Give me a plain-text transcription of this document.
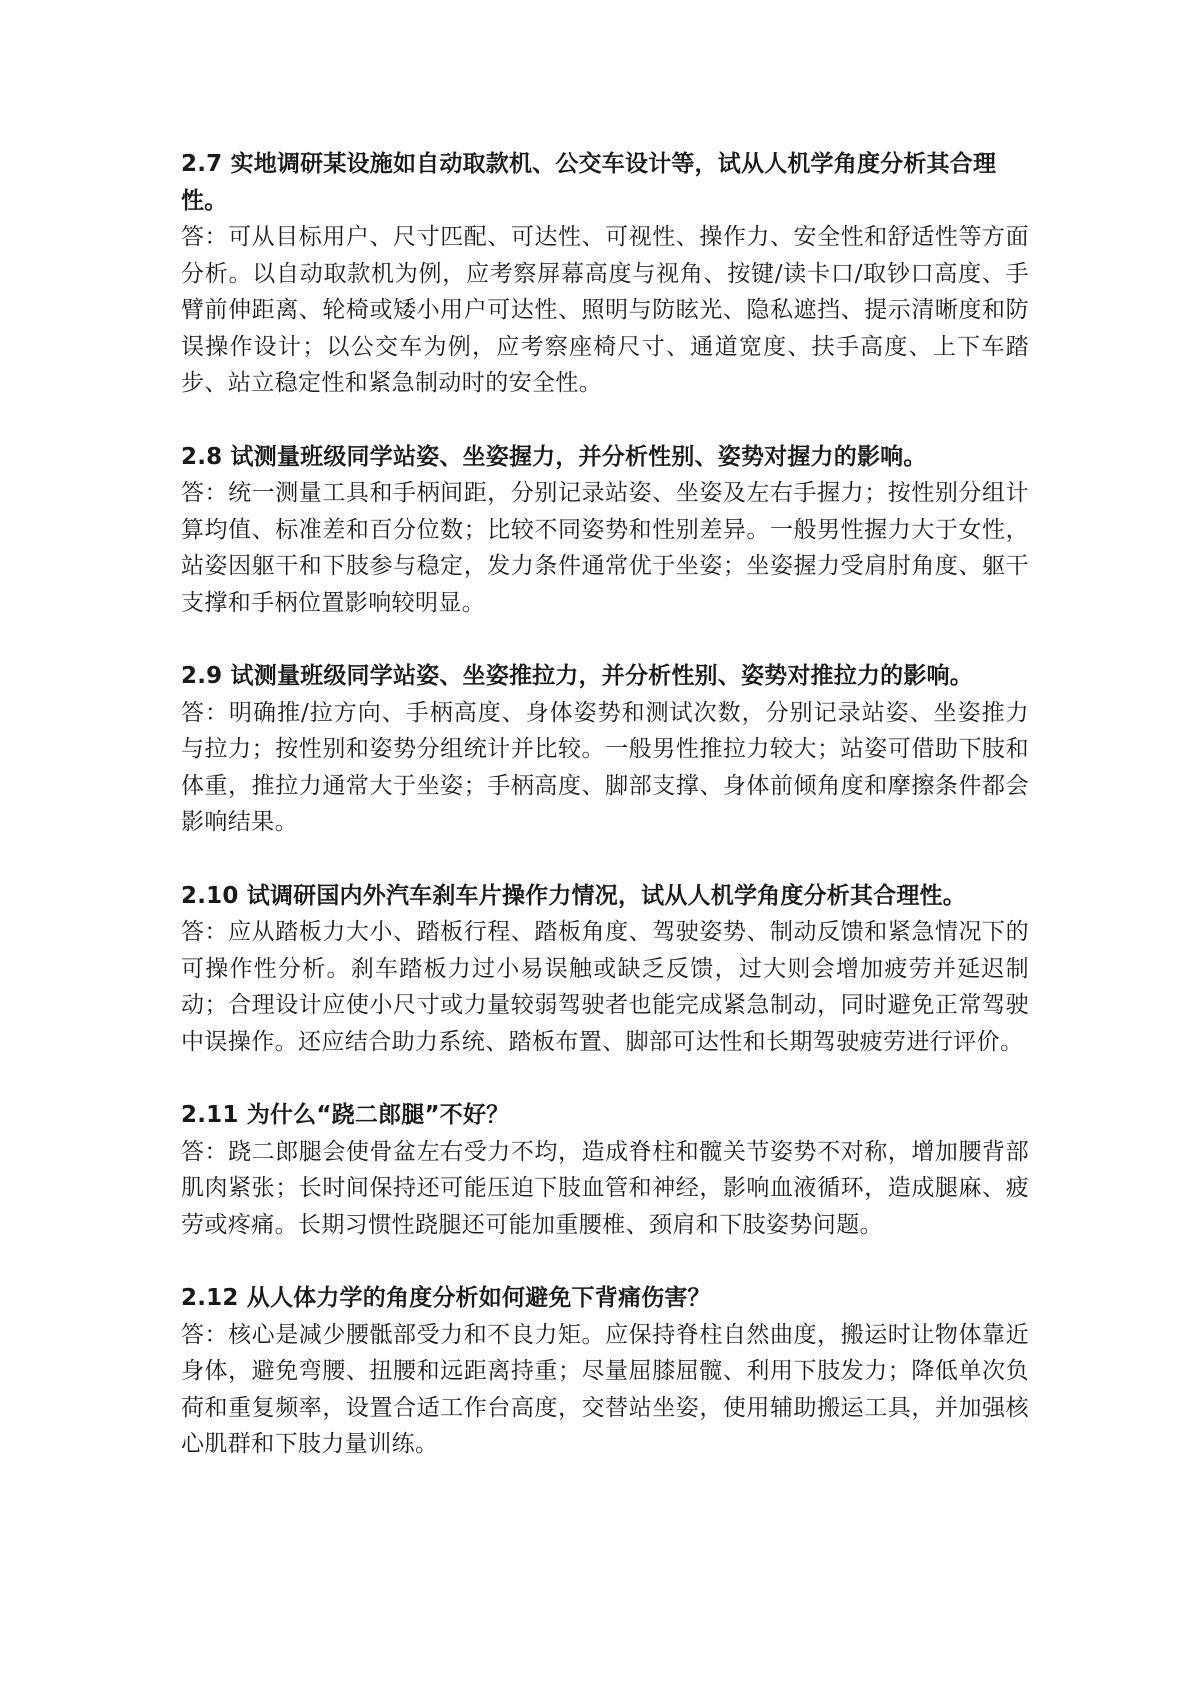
2.7 实地调研某设施如自动取款机、公交车设计等，试从人机学角度分析其合理性。

答：可从目标用户、尺寸匹配、可达性、可视性、操作力、安全性和舒适性等方面分析。以自动取款机为例，应考察屏幕高度与视角、按键/读卡口/取钞口高度、手臂前伸距离、轮椅或矮小用户可达性、照明与防眩光、隐私遮挡、提示清晰度和防误操作设计；以公交车为例，应考察座椅尺寸、通道宽度、扶手高度、上下车踏步、站立稳定性和紧急制动时的安全性。

2.8 试测量班级同学站姿、坐姿握力，并分析性别、姿势对握力的影响。

答：统一测量工具和手柄间距，分别记录站姿、坐姿及左右手握力；按性别分组计算均值、标准差和百分位数；比较不同姿势和性别差异。一般男性握力大于女性，站姿因躯干和下肢参与稳定，发力条件通常优于坐姿；坐姿握力受肩肘角度、躯干支撑和手柄位置影响较明显。

2.9 试测量班级同学站姿、坐姿推拉力，并分析性别、姿势对推拉力的影响。

答：明确推/拉方向、手柄高度、身体姿势和测试次数，分别记录站姿、坐姿推力与拉力；按性别和姿势分组统计并比较。一般男性推拉力较大；站姿可借助下肢和体重，推拉力通常大于坐姿；手柄高度、脚部支撑、身体前倾角度和摩擦条件都会影响结果。

2.10 试调研国内外汽车刹车片操作力情况，试从人机学角度分析其合理性。

答：应从踏板力大小、踏板行程、踏板角度、驾驶姿势、制动反馈和紧急情况下的可操作性分析。刹车踏板力过小易误触或缺乏反馈，过大则会增加疲劳并延迟制动；合理设计应使小尺寸或力量较弱驾驶者也能完成紧急制动，同时避免正常驾驶中误操作。还应结合助力系统、踏板布置、脚部可达性和长期驾驶疲劳进行评价。

2.11 为什么“跷二郎腿”不好？

答：跷二郎腿会使骨盆左右受力不均，造成脊柱和髋关节姿势不对称，增加腰背部肌肉紧张；长时间保持还可能压迫下肢血管和神经，影响血液循环，造成腿麻、疲劳或疼痛。长期习惯性跷腿还可能加重腰椎、颈肩和下肢姿势问题。

2.12 从人体力学的角度分析如何避免下背痛伤害？

答：核心是减少腰骶部受力和不良力矩。应保持脊柱自然曲度，搬运时让物体靠近身体，避免弯腰、扭腰和远距离持重；尽量屈膝屈髋、利用下肢发力；降低单次负荷和重复频率，设置合适工作台高度，交替站坐姿，使用辅助搬运工具，并加强核心肌群和下肢力量训练。
